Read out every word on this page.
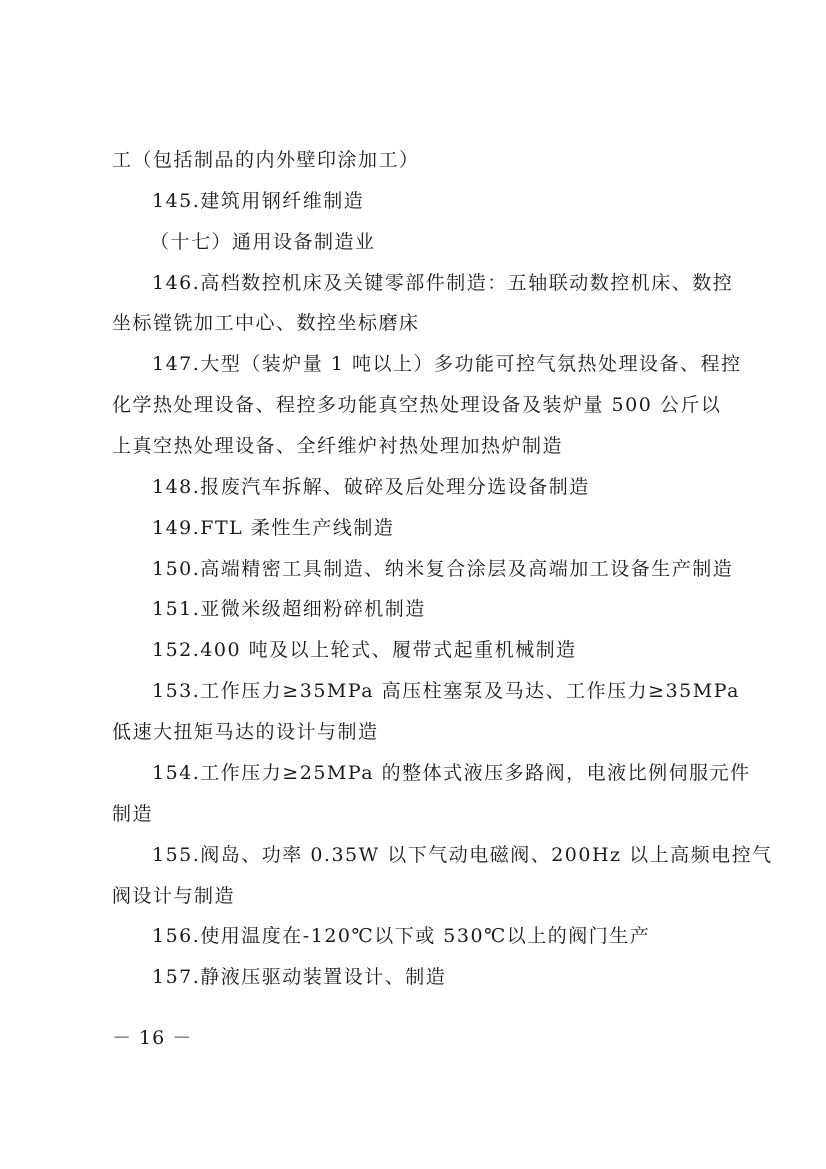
工（包括制品的内外壁印涂加工）
145.建筑用钢纤维制造
（十七）通用设备制造业
146.高档数控机床及关键零部件制造：五轴联动数控机床、数控
坐标镗铣加工中心、数控坐标磨床
147.大型（装炉量 1 吨以上）多功能可控气氛热处理设备、程控
化学热处理设备、程控多功能真空热处理设备及装炉量 500 公斤以
上真空热处理设备、全纤维炉衬热处理加热炉制造
148.报废汽车拆解、破碎及后处理分选设备制造
149.FTL 柔性生产线制造
150.高端精密工具制造、纳米复合涂层及高端加工设备生产制造
151.亚微米级超细粉碎机制造
152.400 吨及以上轮式、履带式起重机械制造
153.工作压力≥35MPa 高压柱塞泵及马达、工作压力≥35MPa
低速大扭矩马达的设计与制造
154.工作压力≥25MPa 的整体式液压多路阀，电液比例伺服元件
制造
155.阀岛、功率 0.35W 以下气动电磁阀、200Hz 以上高频电控气
阀设计与制造
156.使用温度在-120℃以下或 530℃以上的阀门生产
157.静液压驱动装置设计、制造
－ 16 －
